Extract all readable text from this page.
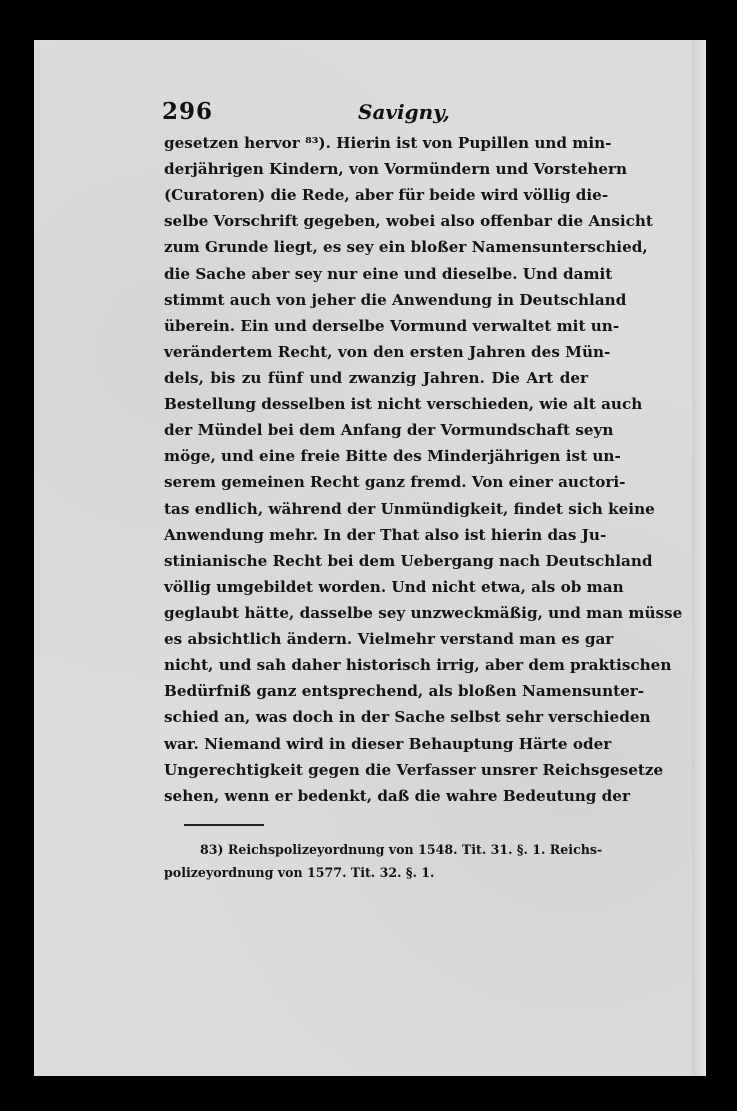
296	Savigny,
gesetzen hervor ⁸³). Hierin ist von Pupillen und min-
derjährigen Kindern, von Vormündern und Vorstehern
(Curatoren) die Rede, aber für beide wird völlig die-
selbe Vorschrift gegeben, wobei also offenbar die Ansicht
zum Grunde liegt, es sey ein bloßer Namensunterschied,
die Sache aber sey nur eine und dieselbe. Und damit
stimmt auch von jeher die Anwendung in Deutschland
überein. Ein und derselbe Vormund verwaltet mit un-
verändertem Recht, von den ersten Jahren des Mün-
dels, bis zu fünf und zwanzig Jahren. Die Art der
Bestellung desselben ist nicht verschieden, wie alt auch
der Mündel bei dem Anfang der Vormundschaft seyn
möge, und eine freie Bitte des Minderjährigen ist un-
serem gemeinen Recht ganz fremd. Von einer auctori-
tas endlich, während der Unmündigkeit, findet sich keine
Anwendung mehr. In der That also ist hierin das Ju-
stinianische Recht bei dem Uebergang nach Deutschland
völlig umgebildet worden. Und nicht etwa, als ob man
geglaubt hätte, dasselbe sey unzweckmäßig, und man müsse
es absichtlich ändern. Vielmehr verstand man es gar
nicht, und sah daher historisch irrig, aber dem praktischen
Bedürfniß ganz entsprechend, als bloßen Namensunter-
schied an, was doch in der Sache selbst sehr verschieden
war. Niemand wird in dieser Behauptung Härte oder
Ungerechtigkeit gegen die Verfasser unsrer Reichsgesetze
sehen, wenn er bedenkt, daß die wahre Bedeutung der
83) Reichspolizeyordnung von 1548. Tit. 31. §. 1. Reichs-
polizeyordnung von 1577. Tit. 32. §. 1.
